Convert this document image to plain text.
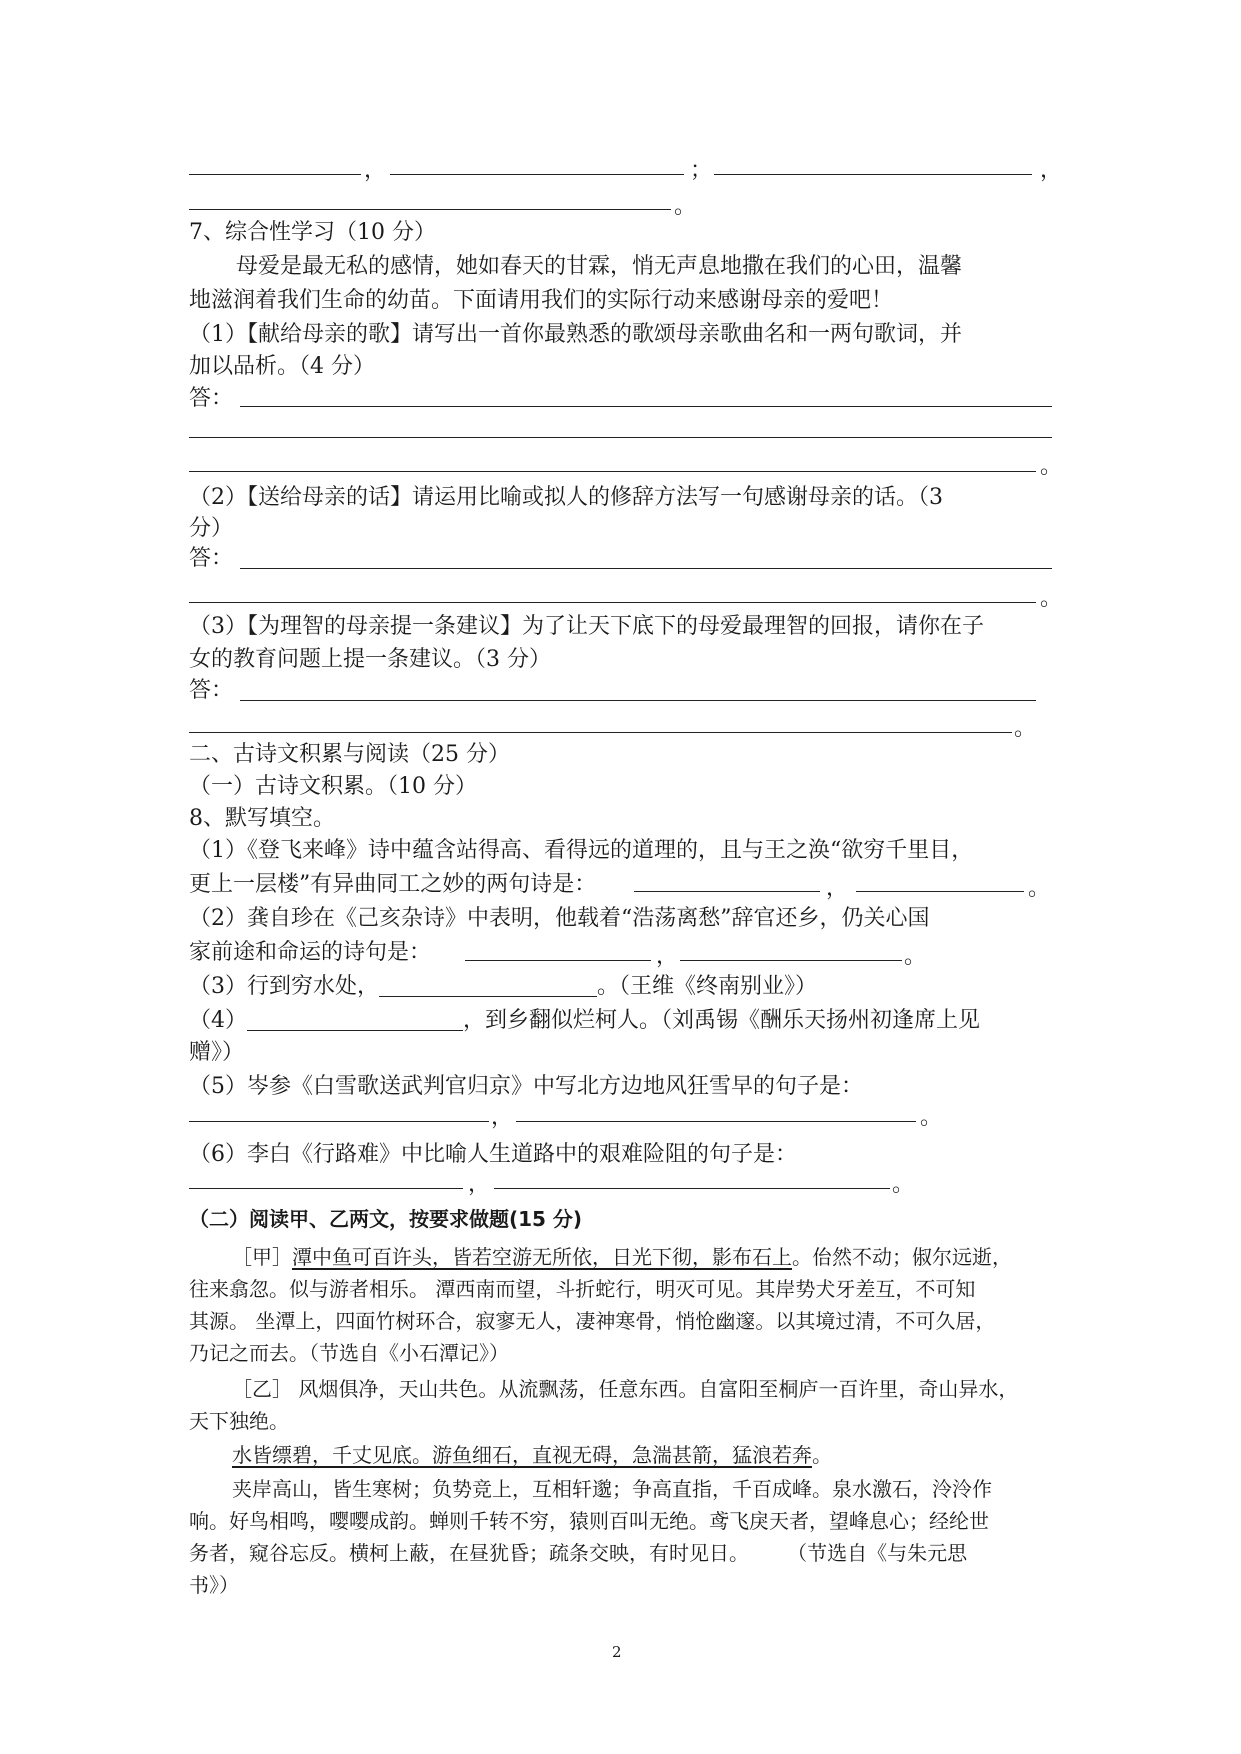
，	；	，
。
7、综合性学习（10 分）
母爱是最无私的感情，她如春天的甘霖，悄无声息地撒在我们的心田，温馨
地滋润着我们生命的幼苗。下面请用我们的实际行动来感谢母亲的爱吧！
（1）【献给母亲的歌】请写出一首你最熟悉的歌颂母亲歌曲名和一两句歌词，并
加以品析。（4 分）
答：
。
（2）【送给母亲的话】请运用比喻或拟人的修辞方法写一句感谢母亲的话。（3
分）
答：
。
（3）【为理智的母亲提一条建议】为了让天下底下的母爱最理智的回报，请你在子
女的教育问题上提一条建议。（3 分）
答：
。
二、古诗文积累与阅读（25 分）
（一）古诗文积累。（10 分）
8、默写填空。
（1）《登飞来峰》诗中蕴含站得高、看得远的道理的，且与王之涣“欲穷千里目，
更上一层楼”有异曲同工之妙的两句诗是：	，	。
（2）龚自珍在《己亥杂诗》中表明，他载着“浩荡离愁”辞官还乡，仍关心国
家前途和命运的诗句是：	，	。
（3）行到穷水处，	。（王维《终南别业》）
（4）	，到乡翻似烂柯人。（刘禹锡《酬乐天扬州初逢席上见
赠》）
（5）岑参《白雪歌送武判官归京》中写北方边地风狂雪早的句子是：
，	。
（6）李白《行路难》中比喻人生道路中的艰难险阻的句子是：
，	。
（二）阅读甲、乙两文，按要求做题(15 分)
［甲］潭中鱼可百许头，皆若空游无所依，日光下彻，影布石上。佁然不动；俶尔远逝，
往来翕忽。似与游者相乐。 潭西南而望，斗折蛇行，明灭可见。其岸势犬牙差互，不可知
其源。 坐潭上，四面竹树环合，寂寥无人，凄神寒骨，悄怆幽邃。以其境过清，不可久居，
乃记之而去。（节选自《小石潭记》）
［乙］ 风烟俱净，天山共色。从流飘荡，任意东西。自富阳至桐庐一百许里，奇山异水，
天下独绝。
水皆缥碧，千丈见底。游鱼细石，直视无碍，急湍甚箭，猛浪若奔。
夹岸高山，皆生寒树；负势竞上，互相轩邈；争高直指，千百成峰。泉水激石，泠泠作
响。好鸟相鸣，嘤嘤成韵。蝉则千转不穷，猿则百叫无绝。鸢飞戾天者，望峰息心；经纶世
务者，窥谷忘反。横柯上蔽，在昼犹昏；疏条交映，有时见日。      （节选自《与朱元思
书》）
2
